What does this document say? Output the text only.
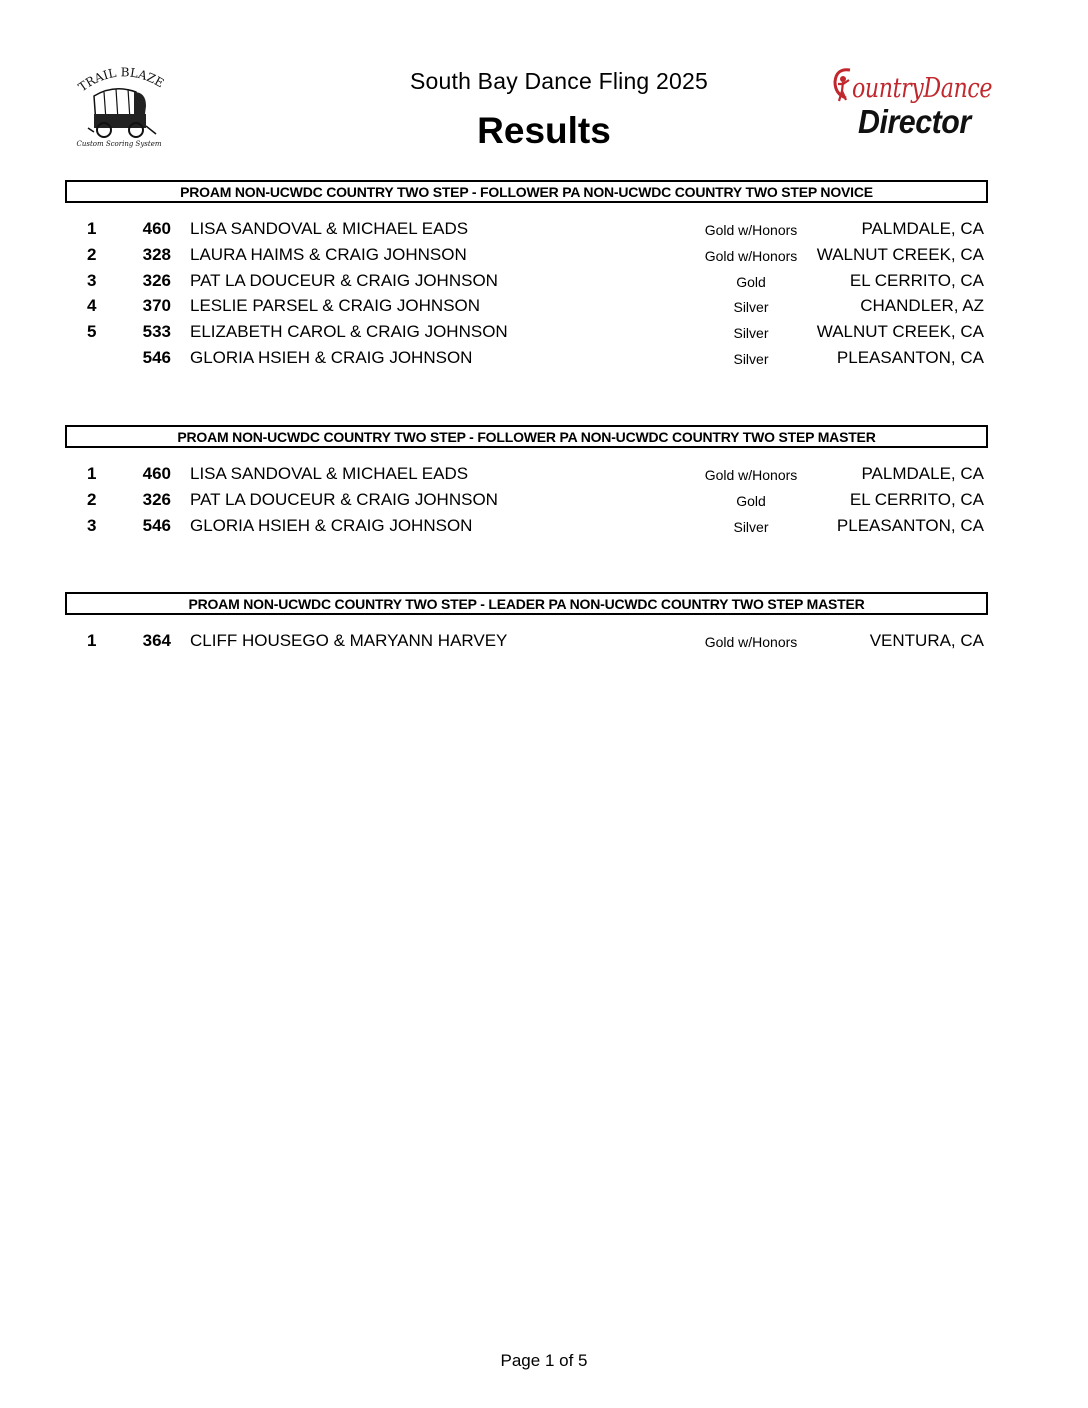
TRAIL BLAZ
Custom Scoring System
South Bay Dance Fling 2025
Results
ountryDance
Director
PROAM NON-UCWDC COUNTRY TWO STEP - FOLLOWER PA NON-UCWDC COUNTRY TWO STEP NOVICE
1	460 LISA SANDOVAL & MICHAEL EADS	Gold w/Honors	PALMDALE, CA
2	328 LAURA HAIMS & CRAIG JOHNSON	Gold w/Honors	WALNUT CREEK, CA
3	326 PAT LA DOUCEUR & CRAIG JOHNSON	Gold	EL CERRITO, CA
4	370 LESLIE PARSEL & CRAIG JOHNSON	Silver	CHANDLER, AZ
5	533 ELIZABETH CAROL & CRAIG JOHNSON	Silver	WALNUT CREEK, CA
546 GLORIA HSIEH & CRAIG JOHNSON	Silver	PLEASANTON, CA
PROAM NON-UCWDC COUNTRY TWO STEP - FOLLOWER PA NON-UCWDC COUNTRY TWO STEP MASTER
1	460 LISA SANDOVAL & MICHAEL EADS	Gold w/Honors	PALMDALE, CA
2	326 PAT LA DOUCEUR & CRAIG JOHNSON	Gold	EL CERRITO, CA
3	546 GLORIA HSIEH & CRAIG JOHNSON	Silver	PLEASANTON, CA
PROAM NON-UCWDC COUNTRY TWO STEP - LEADER PA NON-UCWDC COUNTRY TWO STEP MASTER
1	364 CLIFF HOUSEGO & MARYANN HARVEY	Gold w/Honors	VENTURA, CA
Page 1 of 5
